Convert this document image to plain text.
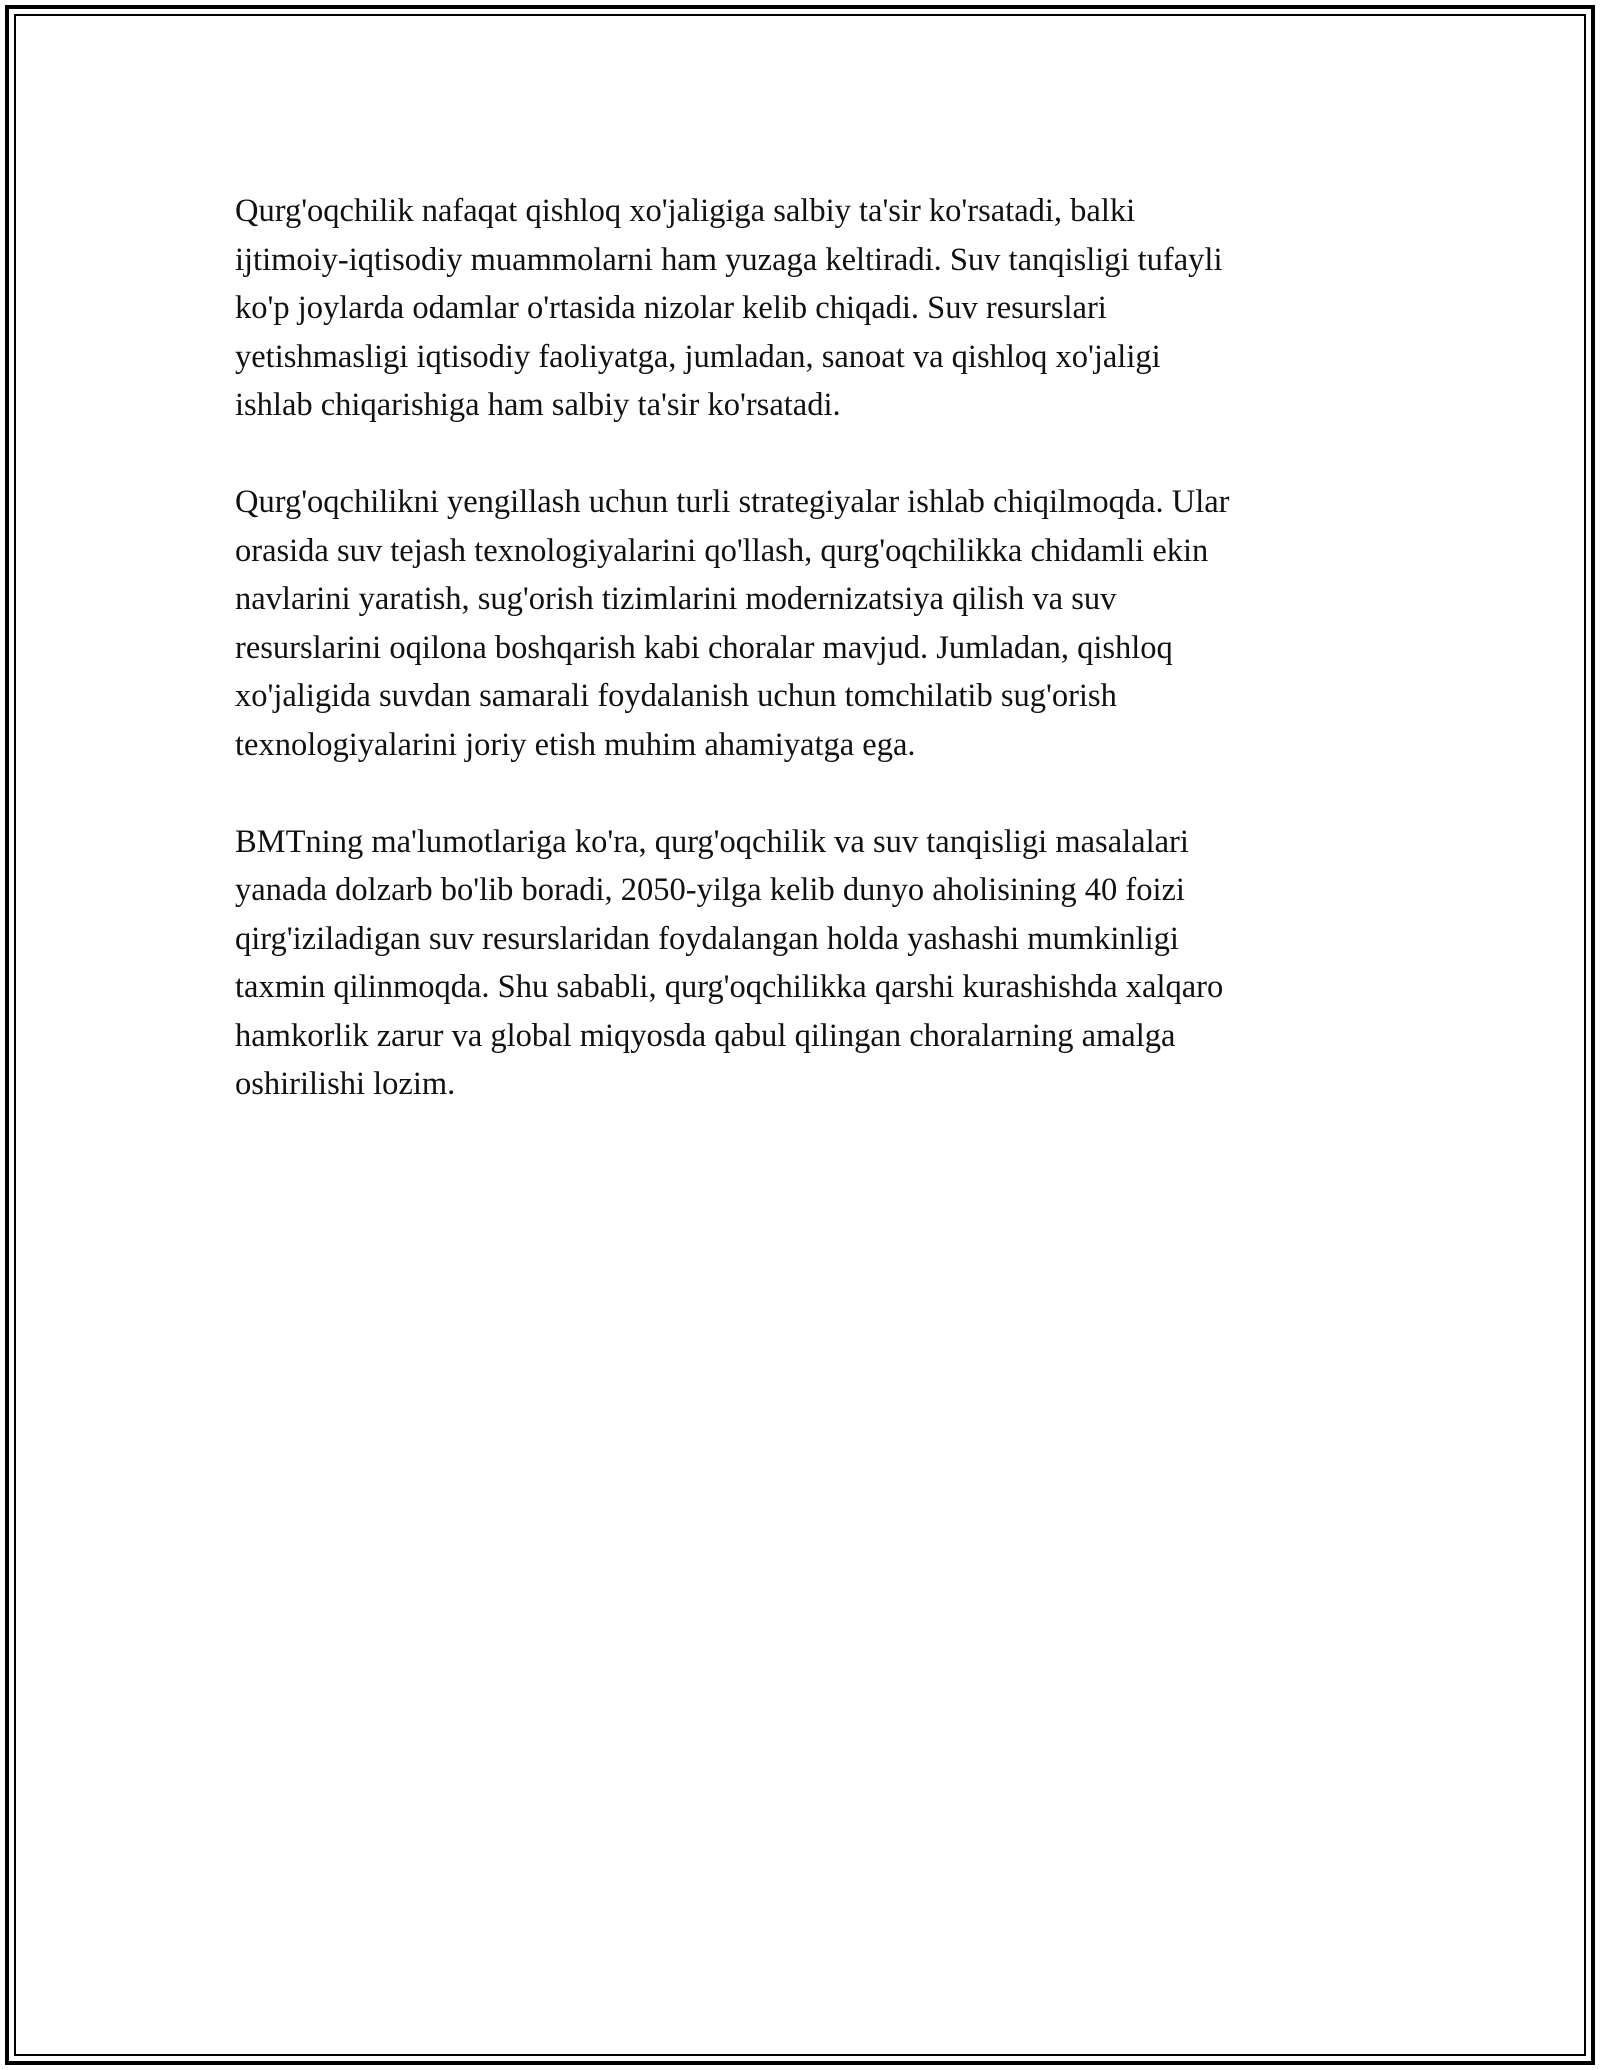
Qurg'oqchilik nafaqat qishloq xo'jaligiga salbiy ta'sir ko'rsatadi, balki
ijtimoiy-iqtisodiy muammolarni ham yuzaga keltiradi. Suv tanqisligi tufayli
ko'p joylarda odamlar o'rtasida nizolar kelib chiqadi. Suv resurslari
yetishmasligi iqtisodiy faoliyatga, jumladan, sanoat va qishloq xo'jaligi
ishlab chiqarishiga ham salbiy ta'sir ko'rsatadi.

Qurg'oqchilikni yengillash uchun turli strategiyalar ishlab chiqilmoqda. Ular
orasida suv tejash texnologiyalarini qo'llash, qurg'oqchilikka chidamli ekin
navlarini yaratish, sug'orish tizimlarini modernizatsiya qilish va suv
resurslarini oqilona boshqarish kabi choralar mavjud. Jumladan, qishloq
xo'jaligida suvdan samarali foydalanish uchun tomchilatib sug'orish
texnologiyalarini joriy etish muhim ahamiyatga ega.

BMTning ma'lumotlariga ko'ra, qurg'oqchilik va suv tanqisligi masalalari
yanada dolzarb bo'lib boradi, 2050-yilga kelib dunyo aholisining 40 foizi
qirg'iziladigan suv resurslaridan foydalangan holda yashashi mumkinligi
taxmin qilinmoqda. Shu sababli, qurg'oqchilikka qarshi kurashishda xalqaro
hamkorlik zarur va global miqyosda qabul qilingan choralarning amalga
oshirilishi lozim.
